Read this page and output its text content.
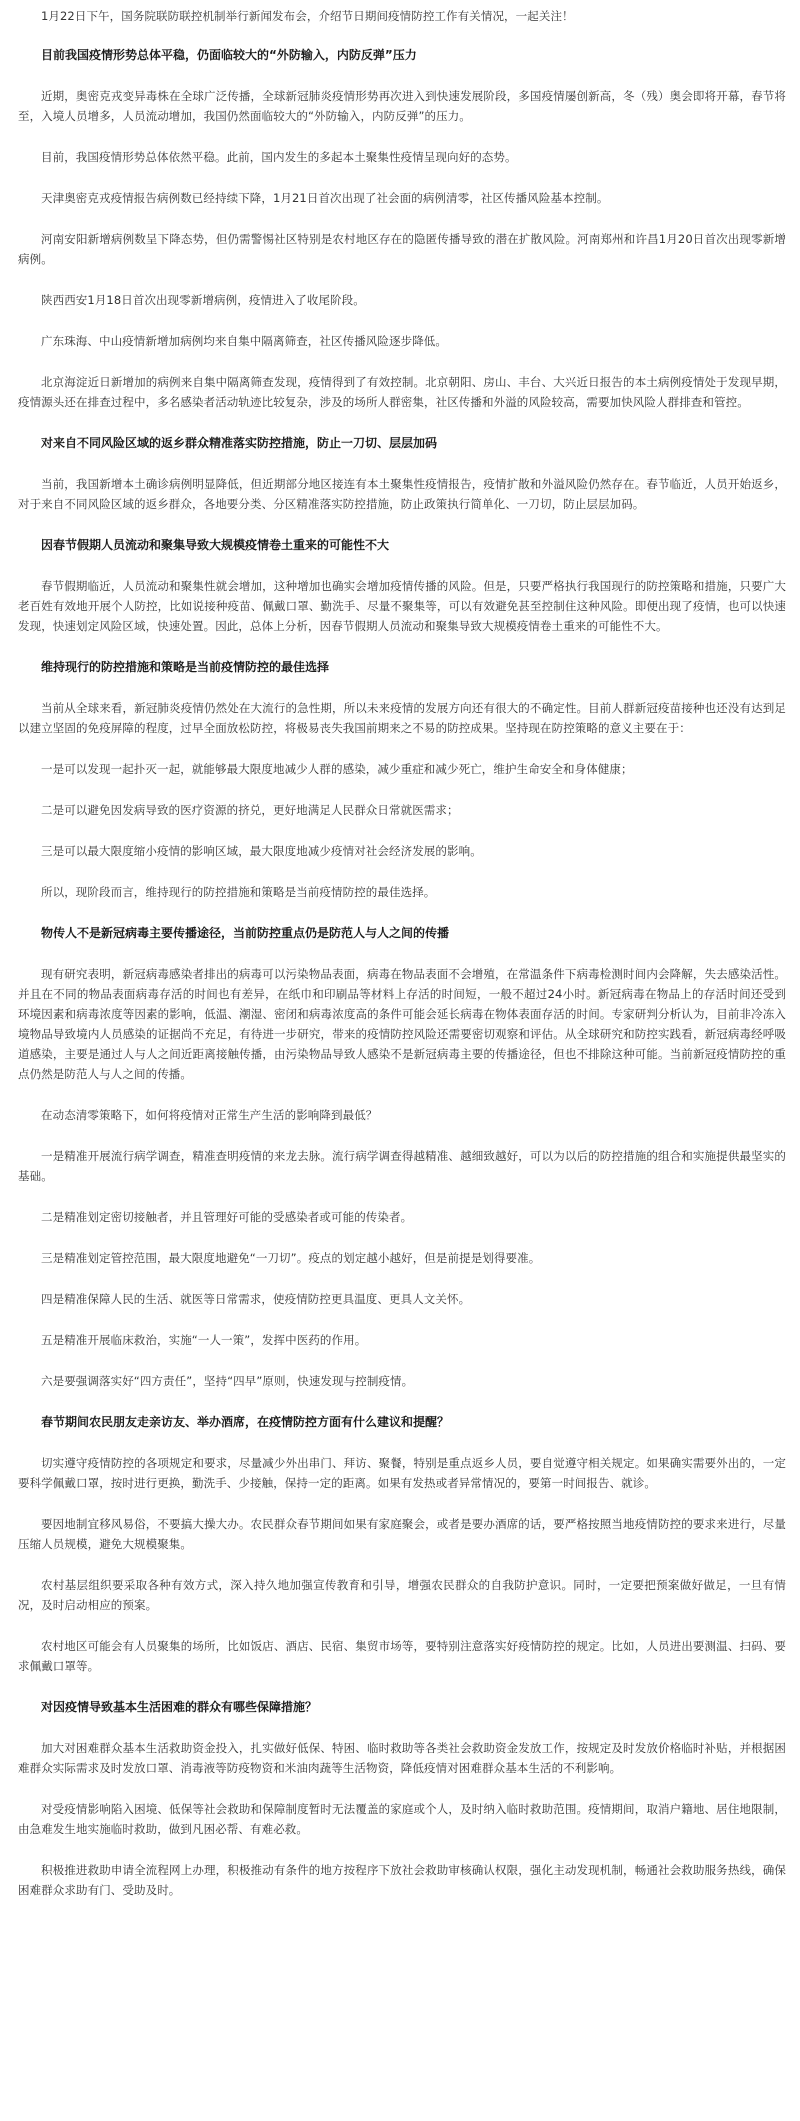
1月22日下午，国务院联防联控机制举行新闻发布会，介绍节日期间疫情防控工作有关情况，一起关注！

目前我国疫情形势总体平稳，仍面临较大的“外防输入，内防反弹”压力

近期，奥密克戎变异毒株在全球广泛传播，全球新冠肺炎疫情形势再次进入到快速发展阶段，多国疫情屡创新高，冬（残）奥会即将开幕，春节将至，入境人员增多，人员流动增加，我国仍然面临较大的“外防输入，内防反弹”的压力。

目前，我国疫情形势总体依然平稳。此前，国内发生的多起本土聚集性疫情呈现向好的态势。

天津奥密克戎疫情报告病例数已经持续下降，1月21日首次出现了社会面的病例清零，社区传播风险基本控制。

河南安阳新增病例数呈下降态势，但仍需警惕社区特别是农村地区存在的隐匿传播导致的潜在扩散风险。河南郑州和许昌1月20日首次出现零新增病例。

陕西西安1月18日首次出现零新增病例，疫情进入了收尾阶段。

广东珠海、中山疫情新增加病例均来自集中隔离筛查，社区传播风险逐步降低。

北京海淀近日新增加的病例来自集中隔离筛查发现，疫情得到了有效控制。北京朝阳、房山、丰台、大兴近日报告的本土病例疫情处于发现早期，疫情源头还在排查过程中，多名感染者活动轨迹比较复杂，涉及的场所人群密集，社区传播和外溢的风险较高，需要加快风险人群排查和管控。

对来自不同风险区域的返乡群众精准落实防控措施，防止一刀切、层层加码

当前，我国新增本土确诊病例明显降低，但近期部分地区接连有本土聚集性疫情报告，疫情扩散和外溢风险仍然存在。春节临近，人员开始返乡，对于来自不同风险区域的返乡群众，各地要分类、分区精准落实防控措施，防止政策执行简单化、一刀切，防止层层加码。

因春节假期人员流动和聚集导致大规模疫情卷土重来的可能性不大

春节假期临近，人员流动和聚集性就会增加，这种增加也确实会增加疫情传播的风险。但是，只要严格执行我国现行的防控策略和措施，只要广大老百姓有效地开展个人防控，比如说接种疫苗、佩戴口罩、勤洗手、尽量不聚集等，可以有效避免甚至控制住这种风险。即便出现了疫情，也可以快速发现，快速划定风险区域，快速处置。因此，总体上分析，因春节假期人员流动和聚集导致大规模疫情卷土重来的可能性不大。

维持现行的防控措施和策略是当前疫情防控的最佳选择

当前从全球来看，新冠肺炎疫情仍然处在大流行的急性期，所以未来疫情的发展方向还有很大的不确定性。目前人群新冠疫苗接种也还没有达到足以建立坚固的免疫屏障的程度，过早全面放松防控，将极易丧失我国前期来之不易的防控成果。坚持现在防控策略的意义主要在于：

一是可以发现一起扑灭一起，就能够最大限度地减少人群的感染，减少重症和减少死亡，维护生命安全和身体健康；

二是可以避免因发病导致的医疗资源的挤兑，更好地满足人民群众日常就医需求；

三是可以最大限度缩小疫情的影响区域，最大限度地减少疫情对社会经济发展的影响。

所以，现阶段而言，维持现行的防控措施和策略是当前疫情防控的最佳选择。

物传人不是新冠病毒主要传播途径，当前防控重点仍是防范人与人之间的传播

现有研究表明，新冠病毒感染者排出的病毒可以污染物品表面，病毒在物品表面不会增殖，在常温条件下病毒检测时间内会降解，失去感染活性。并且在不同的物品表面病毒存活的时间也有差异，在纸巾和印刷品等材料上存活的时间短，一般不超过24小时。新冠病毒在物品上的存活时间还受到环境因素和病毒浓度等因素的影响，低温、潮湿、密闭和病毒浓度高的条件可能会延长病毒在物体表面存活的时间。专家研判分析认为，目前非冷冻入境物品导致境内人员感染的证据尚不充足，有待进一步研究，带来的疫情防控风险还需要密切观察和评估。从全球研究和防控实践看，新冠病毒经呼吸道感染，主要是通过人与人之间近距离接触传播，由污染物品导致人感染不是新冠病毒主要的传播途径，但也不排除这种可能。当前新冠疫情防控的重点仍然是防范人与人之间的传播。

在动态清零策略下，如何将疫情对正常生产生活的影响降到最低？

一是精准开展流行病学调查，精准查明疫情的来龙去脉。流行病学调查得越精准、越细致越好，可以为以后的防控措施的组合和实施提供最坚实的基础。

二是精准划定密切接触者，并且管理好可能的受感染者或可能的传染者。

三是精准划定管控范围，最大限度地避免“一刀切”。疫点的划定越小越好，但是前提是划得要准。

四是精准保障人民的生活、就医等日常需求，使疫情防控更具温度、更具人文关怀。

五是精准开展临床救治，实施“一人一策”，发挥中医药的作用。

六是要强调落实好“四方责任”，坚持“四早”原则，快速发现与控制疫情。

春节期间农民朋友走亲访友、举办酒席，在疫情防控方面有什么建议和提醒？

切实遵守疫情防控的各项规定和要求，尽量减少外出串门、拜访、聚餐，特别是重点返乡人员，要自觉遵守相关规定。如果确实需要外出的，一定要科学佩戴口罩，按时进行更换，勤洗手、少接触，保持一定的距离。如果有发热或者异常情况的，要第一时间报告、就诊。

要因地制宜移风易俗，不要搞大操大办。农民群众春节期间如果有家庭聚会，或者是要办酒席的话，要严格按照当地疫情防控的要求来进行，尽量压缩人员规模，避免大规模聚集。

农村基层组织要采取各种有效方式，深入持久地加强宣传教育和引导，增强农民群众的自我防护意识。同时，一定要把预案做好做足，一旦有情况，及时启动相应的预案。

农村地区可能会有人员聚集的场所，比如饭店、酒店、民宿、集贸市场等，要特别注意落实好疫情防控的规定。比如，人员进出要测温、扫码、要求佩戴口罩等。

对因疫情导致基本生活困难的群众有哪些保障措施？

加大对困难群众基本生活救助资金投入，扎实做好低保、特困、临时救助等各类社会救助资金发放工作，按规定及时发放价格临时补贴，并根据困难群众实际需求及时发放口罩、消毒液等防疫物资和米油肉蔬等生活物资，降低疫情对困难群众基本生活的不利影响。

对受疫情影响陷入困境、低保等社会救助和保障制度暂时无法覆盖的家庭或个人，及时纳入临时救助范围。疫情期间，取消户籍地、居住地限制，由急难发生地实施临时救助，做到凡困必帮、有难必救。

积极推进救助申请全流程网上办理，积极推动有条件的地方按程序下放社会救助审核确认权限，强化主动发现机制，畅通社会救助服务热线，确保困难群众求助有门、受助及时。
